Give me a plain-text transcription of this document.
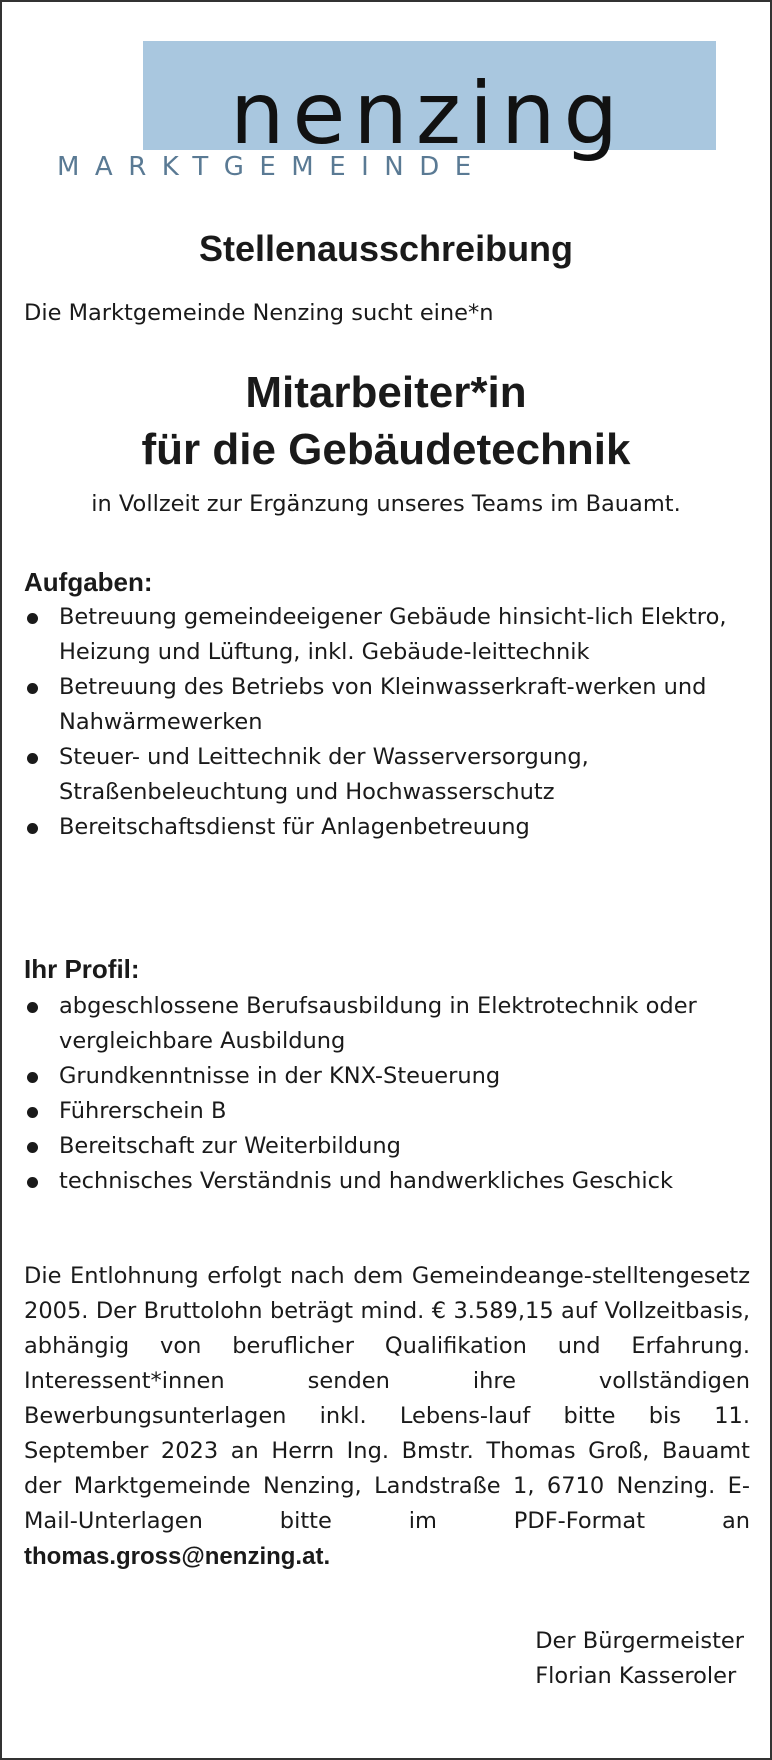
nenzing
MARKTGEMEINDE
Stellenausschreibung
Die Marktgemeinde Nenzing sucht eine*n
Mitarbeiter*in
für die Gebäudetechnik
in Vollzeit zur Ergänzung unseres Teams im Bauamt.
Aufgaben:
Betreuung gemeindeeigener Gebäude hinsicht-lich Elektro, Heizung und Lüftung, inkl. Gebäude-leittechnik
Betreuung des Betriebs von Kleinwasserkraft-werken und Nahwärmewerken
Steuer- und Leittechnik der Wasserversorgung, Straßenbeleuchtung und Hochwasserschutz
Bereitschaftsdienst für Anlagenbetreuung
Ihr Profil:
abgeschlossene Berufsausbildung in Elektrotechnik oder vergleichbare Ausbildung
Grundkenntnisse in der KNX-Steuerung
Führerschein B
Bereitschaft zur Weiterbildung
technisches Verständnis und handwerkliches Geschick
Die Entlohnung erfolgt nach dem Gemeindeange-stelltengesetz 2005. Der Bruttolohn beträgt mind. € 3.589,15 auf Vollzeitbasis, abhängig von beruflicher Qualifikation und Erfahrung. Interessent*innen senden ihre vollständigen Bewerbungsunterlagen inkl. Lebens-lauf bitte bis 11. September 2023 an Herrn Ing. Bmstr. Thomas Groß, Bauamt der Marktgemeinde Nenzing, Landstraße 1, 6710 Nenzing. E-Mail-Unterlagen bitte im PDF-Format an thomas.gross@nenzing.at.
Der Bürgermeister
Florian Kasseroler
